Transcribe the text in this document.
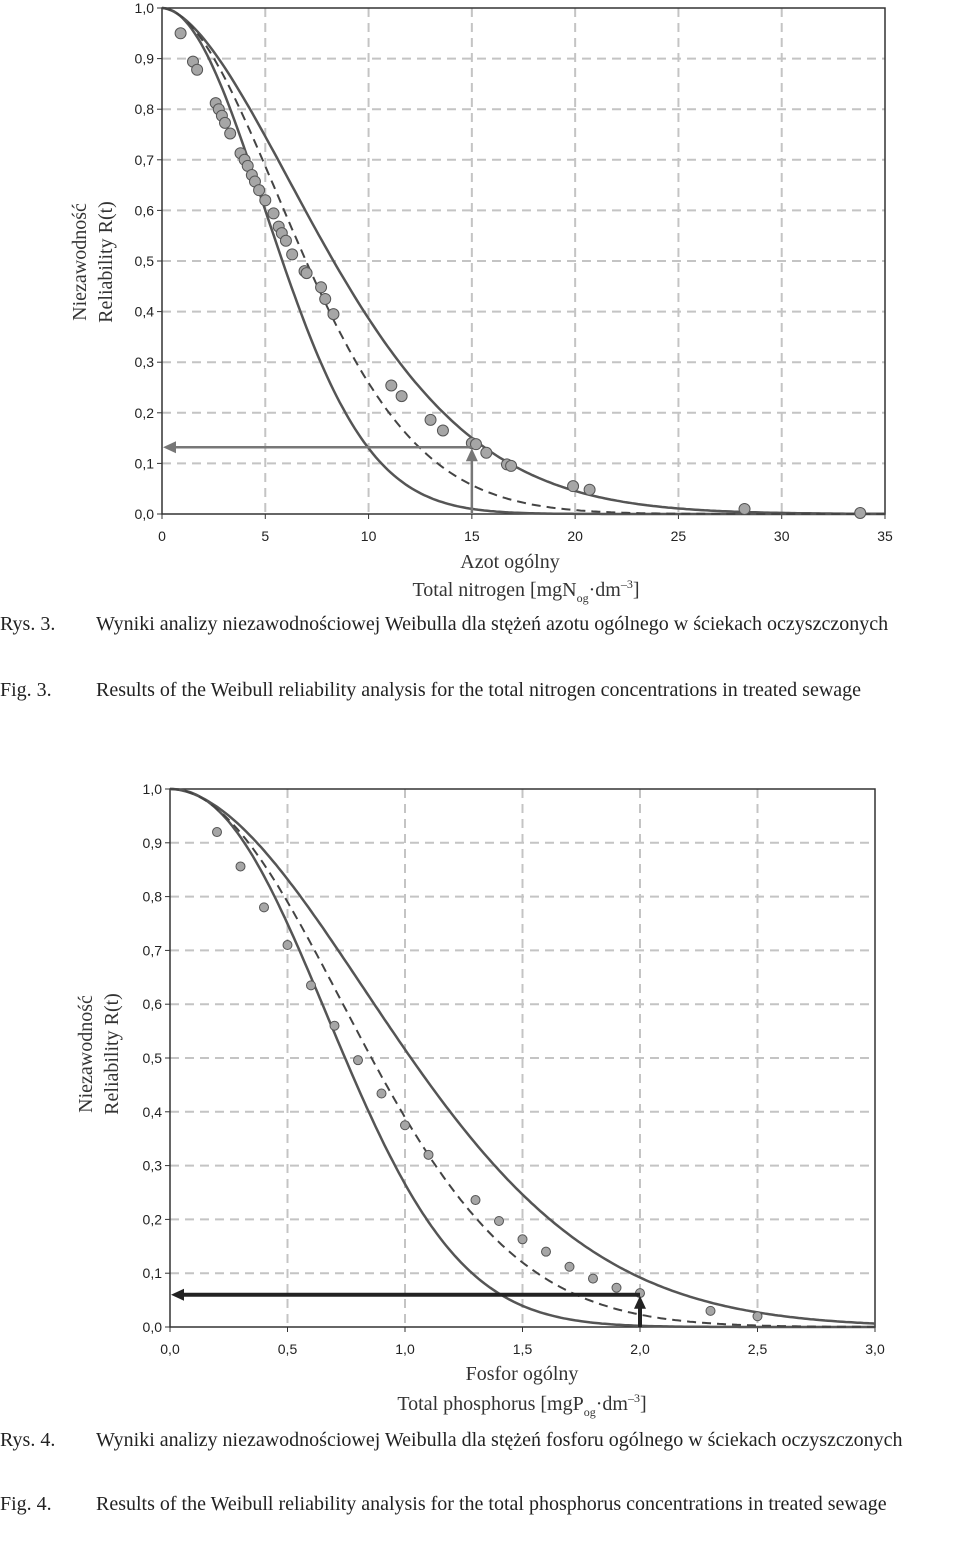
Niezawodność Reliability R(t)
Azot ogólny
Total nitrogen $[mgN_{og}\cdot dm^{-3}]$
0	5	10	15	20	25	30	35
0,0
0,1
0,2
0,3
0,4
0,5
0,6
0,7
0,8
0,9
1,0
Niezawodność Reliability R(t)
Fosfor ogólny
Total phosphorus $[mgP_{og}\cdot dm^{-3}]$
0,0	0,5	1,0	1,5	2,0	2,5	3,0
0,0
0,1
0,2
0,3
0,4
0,5
0,6
0,7
0,8
0,9
1,0
Rys. 3.	Wyniki analizy niezawodnościowej Weibulla dla stężeń azotu ogólnego w ściekach oczyszczonych
Fig. 3.	Results of the Weibull reliability analysis for the total nitrogen concentrations in treated sewage
Rys. 4.	Wyniki analizy niezawodnościowej Weibulla dla stężeń fosforu ogólnego w ściekach oczyszczonych
Fig. 4.	Results of the Weibull reliability analysis for the total phosphorus concentrations in treated sewage
